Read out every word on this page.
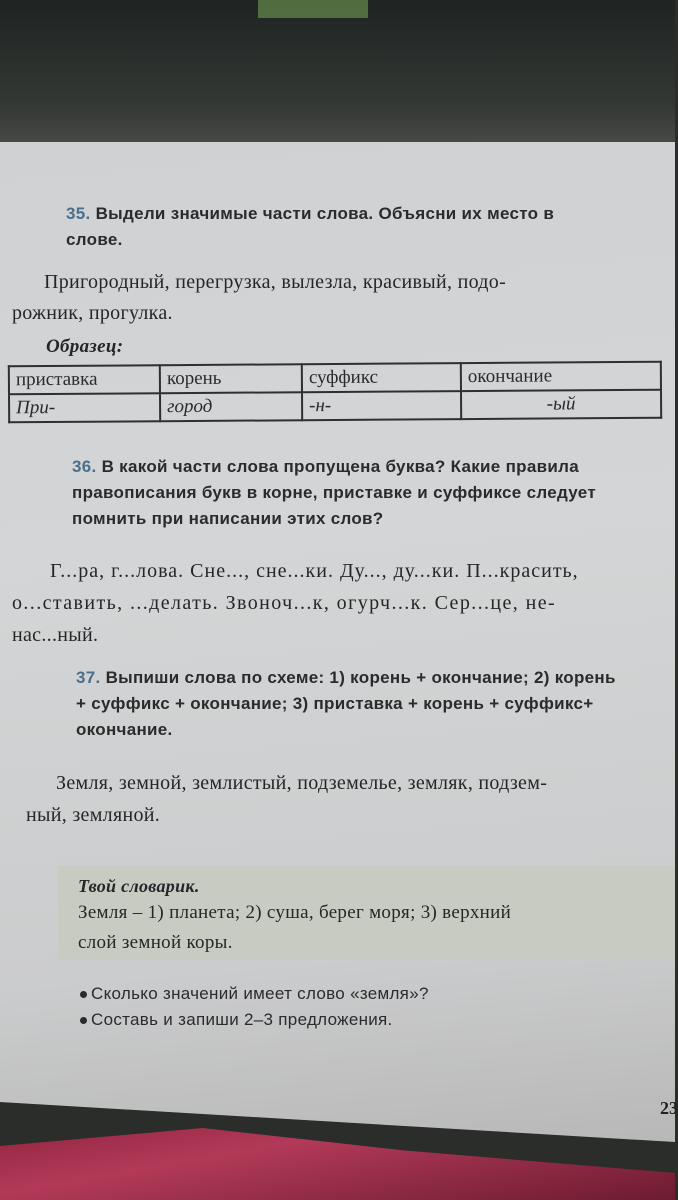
35. Выдели значимые части слова. Объясни их место в
слове.
Пригородный, перегрузка, вылезла, красивый, подо-
рожник, прогулка.
Образец:
приставка	корень	суффикс	окончание
При-	город	-н-	-ый
36. В какой части слова пропущена буква? Какие правила
правописания букв в корне, приставке и суффиксе следует
помнить при написании этих слов?
Г...ра, г...лова. Сне..., сне...ки. Ду..., ду...ки. П...красить,
о...ставить, ...делать. Звоноч...к, огурч...к. Сер...це, не-
нас...ный.
37. Выпиши слова по схеме: 1) корень + окончание; 2) корень
+ суффикс + окончание; 3) приставка + корень + суффикс+
окончание.
Земля, земной, землистый, подземелье, земляк, подзем-
ный, земляной.
Твой словарик.
Земля – 1) планета; 2) суша, берег моря; 3) верхний
слой земной коры.
Сколько значений имеет слово «земля»?
Составь и запиши 2–3 предложения.
23
